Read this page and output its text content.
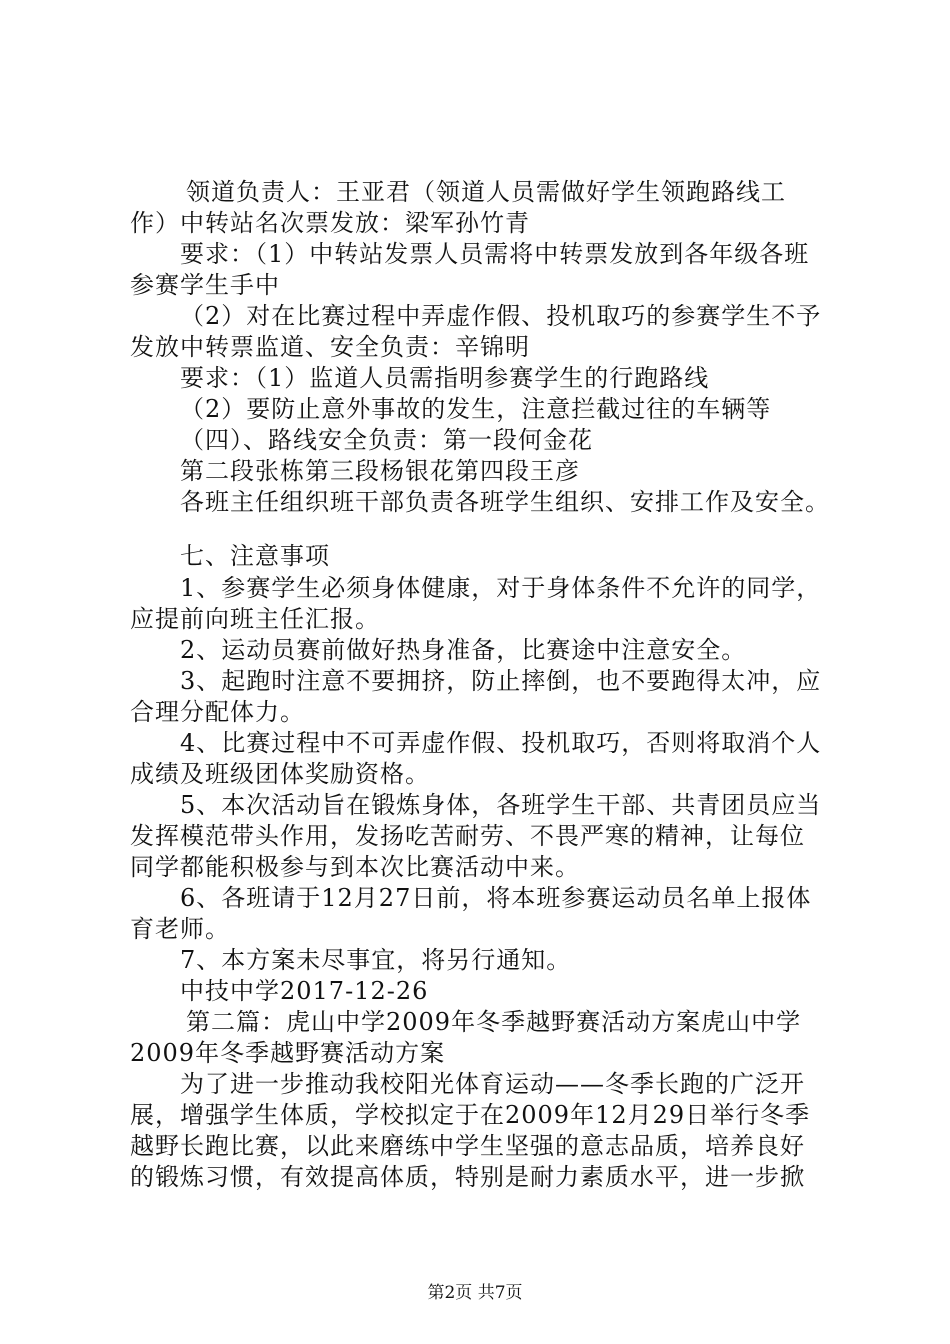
领道负责人：王亚君（领道人员需做好学生领跑路线工
作）中转站名次票发放：梁军孙竹青
要求：（1）中转站发票人员需将中转票发放到各年级各班
参赛学生手中
（2）对在比赛过程中弄虚作假、投机取巧的参赛学生不予
发放中转票监道、安全负责：辛锦明
要求：（1）监道人员需指明参赛学生的行跑路线
（2）要防止意外事故的发生，注意拦截过往的车辆等
（四）、路线安全负责：第一段何金花
第二段张栋第三段杨银花第四段王彦
各班主任组织班干部负责各班学生组织、安排工作及安全。
七、注意事项
1、参赛学生必须身体健康，对于身体条件不允许的同学，
应提前向班主任汇报。
2、运动员赛前做好热身准备，比赛途中注意安全。
3、起跑时注意不要拥挤，防止摔倒，也不要跑得太冲，应
合理分配体力。
4、比赛过程中不可弄虚作假、投机取巧，否则将取消个人
成绩及班级团体奖励资格。
5、本次活动旨在锻炼身体，各班学生干部、共青团员应当
发挥模范带头作用，发扬吃苦耐劳、不畏严寒的精神，让每位
同学都能积极参与到本次比赛活动中来。
6、各班请于12月27日前，将本班参赛运动员名单上报体
育老师。
7、本方案未尽事宜，将另行通知。
中技中学2017-12-26
第二篇：虎山中学2009年冬季越野赛活动方案虎山中学
2009年冬季越野赛活动方案
为了进一步推动我校阳光体育运动——冬季长跑的广泛开
展，增强学生体质，学校拟定于在2009年12月29日举行冬季
越野长跑比赛，以此来磨练中学生坚强的意志品质，培养良好
的锻炼习惯，有效提高体质，特别是耐力素质水平，进一步掀
第2页 共7页
